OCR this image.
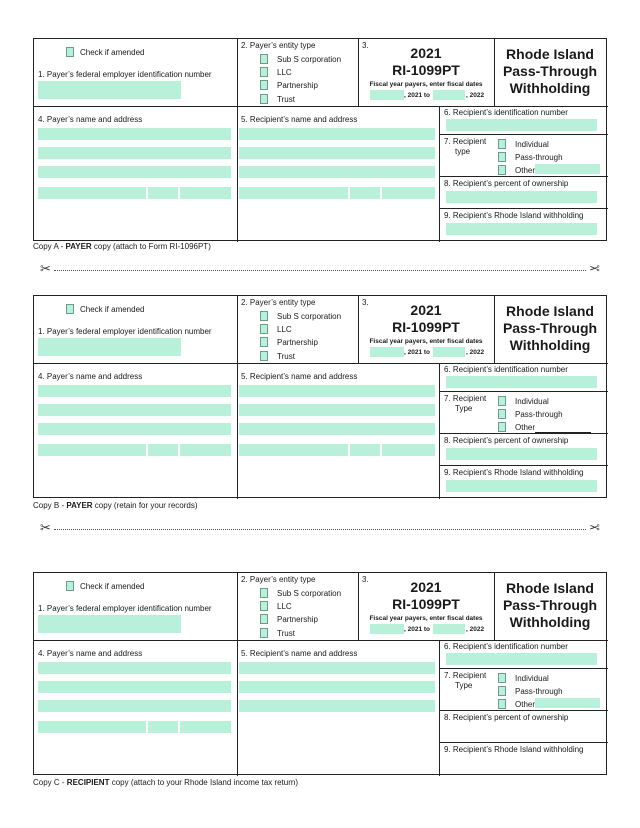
Check if amended
1. Payer’s federal employer identification number
2. Payer’s entity type
Sub S corporation
LLC
Partnership
Trust
3.	2021
RI-1099PT
Fiscal year payers, enter fiscal dates
, 2021 to	, 2022
4. Payer’s name and address	5. Recipient’s name and address
6. Recipient’s identification number
7. Recipient
type
Individual
Pass-through
Other
8. Recipient’s percent of ownership
9. Recipient’s Rhode Island withholding
Rhode Island
Pass-Through
Withholding
Copy A - PAYER copy (attach to Form RI-1096PT)
✂	✂
Check if amended
1. Payer’s federal employer identification number
2. Payer’s entity type
Sub S corporation
LLC
Partnership
Trust
3.	2021
RI-1099PT
Fiscal year payers, enter fiscal dates
, 2021 to	, 2022
4. Payer’s name and address	5. Recipient’s name and address
6. Recipient’s identification number
7. Recipient
Type
Individual
Pass-through
Other
8. Recipient’s percent of ownership
9. Recipient’s Rhode Island withholding
Rhode Island
Pass-Through
Withholding
Copy B - PAYER copy (retain for your records)
✂	✂
Check if amended
1. Payer’s federal employer identification number
2. Payer’s entity type
Sub S corporation
LLC
Partnership
Trust
3.	2021
RI-1099PT
Fiscal year payers, enter fiscal dates
, 2021 to	, 2022
4. Payer’s name and address	5. Recipient’s name and address
6. Recipient’s identification number
7. Recipient
Type
Individual
Pass-through
Other
8. Recipient’s percent of ownership
9. Recipient’s Rhode Island withholding
Rhode Island
Pass-Through
Withholding
Copy C - RECIPIENT copy (attach to your Rhode Island income tax return)
